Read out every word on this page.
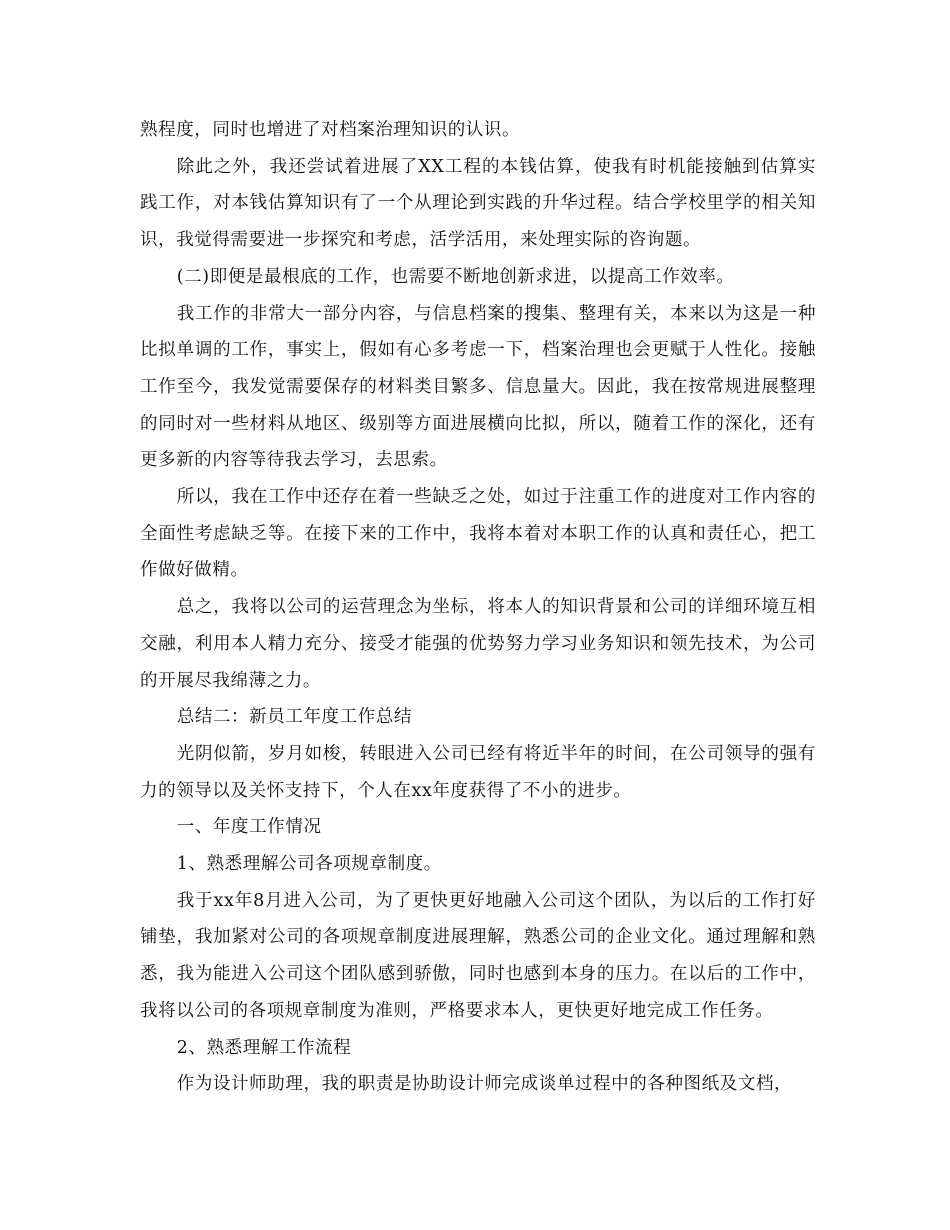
熟程度，同时也增进了对档案治理知识的认识。

除此之外，我还尝试着进展了XX工程的本钱估算，使我有时机能接触到估算实践工作，对本钱估算知识有了一个从理论到实践的升华过程。结合学校里学的相关知识，我觉得需要进一步探究和考虑，活学活用，来处理实际的咨询题。

(二)即便是最根底的工作，也需要不断地创新求进，以提高工作效率。

我工作的非常大一部分内容，与信息档案的搜集、整理有关，本来以为这是一种比拟单调的工作，事实上，假如有心多考虑一下，档案治理也会更赋于人性化。接触工作至今，我发觉需要保存的材料类目繁多、信息量大。因此，我在按常规进展整理的同时对一些材料从地区、级别等方面进展横向比拟，所以，随着工作的深化，还有更多新的内容等待我去学习，去思索。

所以，我在工作中还存在着一些缺乏之处，如过于注重工作的进度对工作内容的全面性考虑缺乏等。在接下来的工作中，我将本着对本职工作的认真和责任心，把工作做好做精。

总之，我将以公司的运营理念为坐标，将本人的知识背景和公司的详细环境互相交融，利用本人精力充分、接受才能强的优势努力学习业务知识和领先技术，为公司的开展尽我绵薄之力。

总结二：新员工年度工作总结

光阴似箭，岁月如梭，转眼进入公司已经有将近半年的时间，在公司领导的强有力的领导以及关怀支持下，个人在xx年度获得了不小的进步。

一、年度工作情况

1、熟悉理解公司各项规章制度。

我于xx年8月进入公司，为了更快更好地融入公司这个团队，为以后的工作打好铺垫，我加紧对公司的各项规章制度进展理解，熟悉公司的企业文化。通过理解和熟悉，我为能进入公司这个团队感到骄傲，同时也感到本身的压力。在以后的工作中，我将以公司的各项规章制度为准则，严格要求本人，更快更好地完成工作任务。

2、熟悉理解工作流程

作为设计师助理，我的职责是协助设计师完成谈单过程中的各种图纸及文档，
